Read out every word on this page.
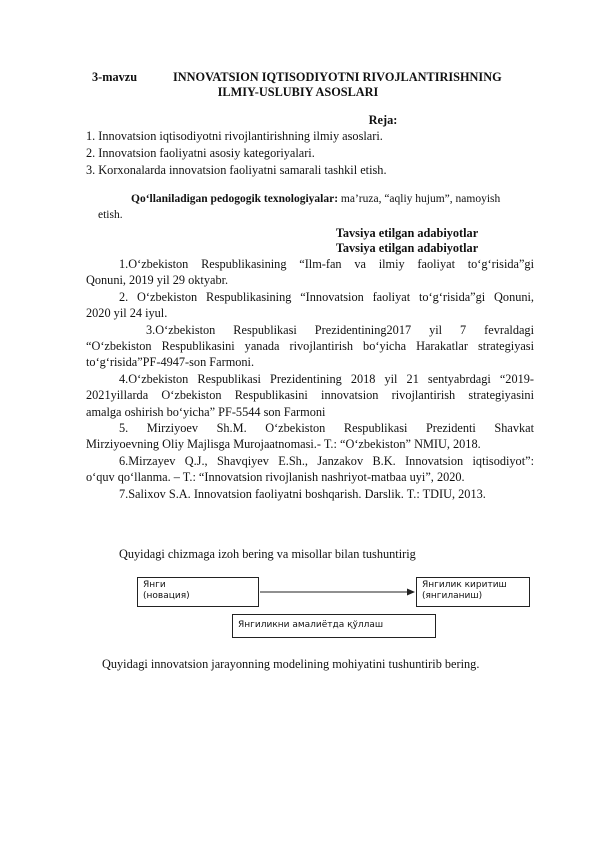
3-mavzu	INNOVATSION IQTISODIYOTNI RIVOJLANTIRISHNING
ILMIY-USLUBIY ASOSLARI
Reja:
1. Innovatsion iqtisodiyotni rivojlantirishning ilmiy asoslari.
2. Innovatsion faoliyatni asosiy kategoriyalari.
3. Korxonalarda innovatsion faoliyatni samarali tashkil etish.
Qo‘llaniladigan pedogogik texnologiyalar: ma’ruza, “aqliy hujum”, namoyish
etish.
Tavsiya etilgan adabiyotlar
Tavsiya etilgan adabiyotlar
1.O‘zbekiston Respublikasining “Ilm-fan va ilmiy faoliyat to‘g‘risida”gi
Qonuni, 2019 yil 29 oktyabr.
2. O‘zbekiston Respublikasining “Innovatsion faoliyat to‘g‘risida”gi Qonuni,
2020 yil 24 iyul.
3.O‘zbekiston Respublikasi Prezidentining2017 yil 7 fevraldagi
“O‘zbekiston Respublikasini yanada rivojlantirish bo‘yicha Harakatlar strategiyasi
to‘g‘risida”PF-4947-son Farmoni.
4.O‘zbekiston Respublikasi Prezidentining 2018 yil 21 sentyabrdagi “2019-
2021yillarda O‘zbekiston Respublikasini innovatsion rivojlantirish strategiyasini
amalga oshirish bo‘yicha” PF-5544 son Farmoni
5. Mirziyoev Sh.M. O‘zbekiston Respublikasi Prezidenti Shavkat
Mirziyoevning Oliy Majlisga Murojaatnomasi.- T.: “O‘zbekiston” NMIU, 2018.
6.Mirzayev Q.J., Shavqiyev E.Sh., Janzakov B.K. Innovatsion iqtisodiyot”:
o‘quv qo‘llanma. – T.: “Innovatsion rivojlanish nashriyot-matbaa uyi”, 2020.
7.Salixov S.A. Innovatsion faoliyatni boshqarish. Darslik. T.: TDIU, 2013.
Quyidagi chizmaga izoh bering va misollar bilan tushuntirig
Янги
(новация)
Янгилик киритиш
(янгиланиш)
Янгиликни амалиётда қўллаш
Quyidagi innovatsion jarayonning modelining mohiyatini tushuntirib bering.
